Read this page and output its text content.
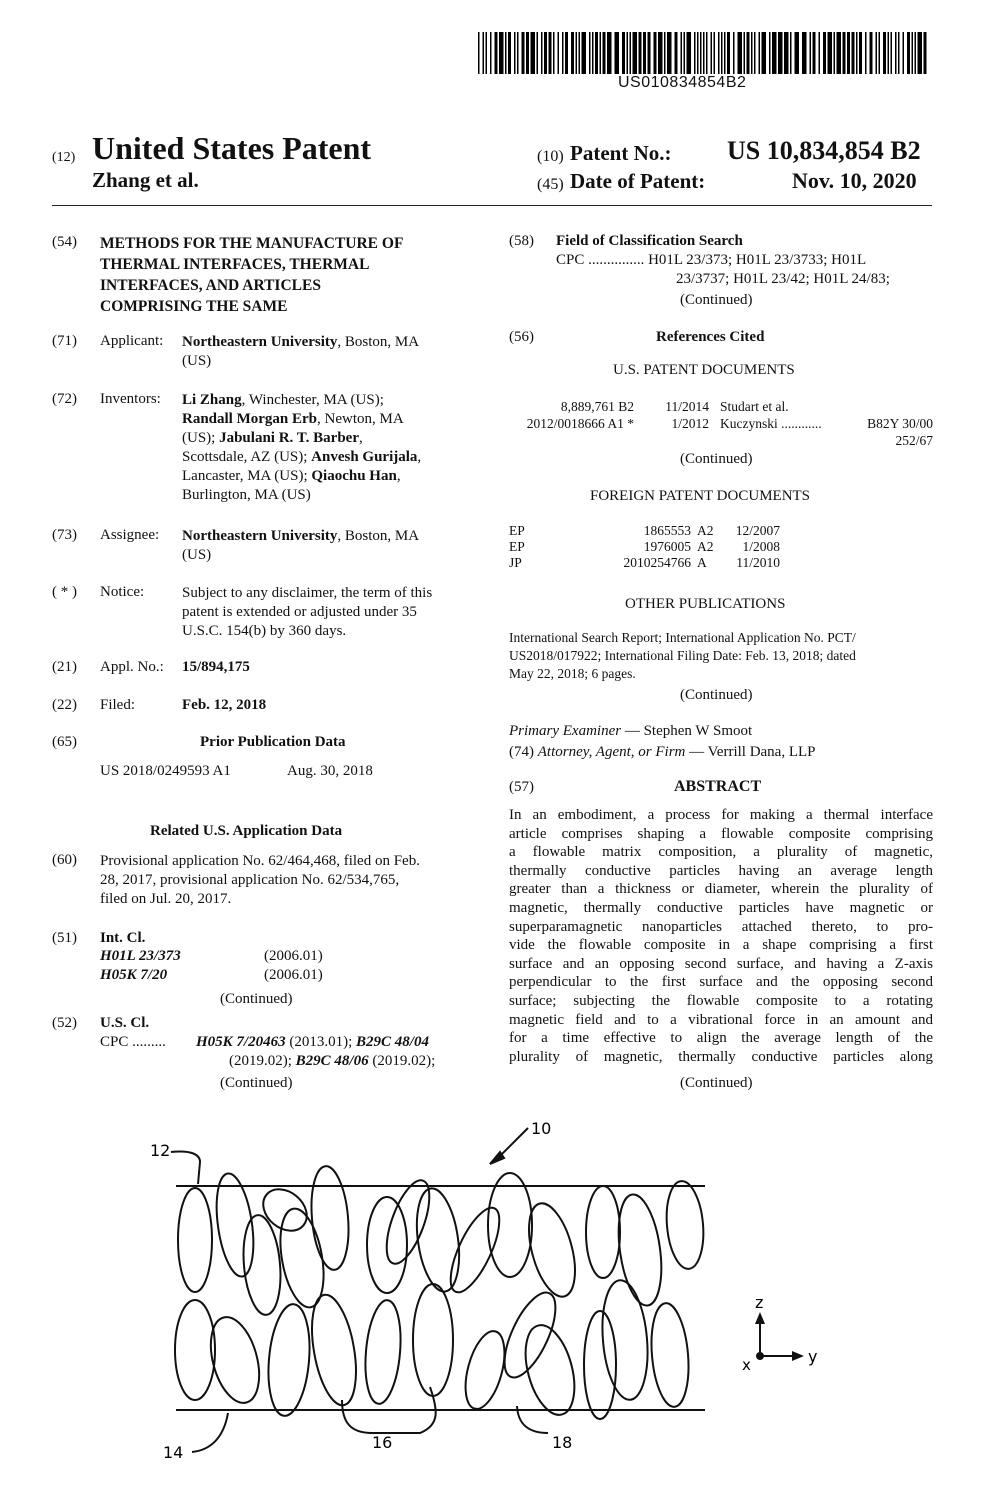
US010834854B2
(12) United States Patent
Zhang et al.
(10) Patent No.: US 10,834,854 B2
(45) Date of Patent:	Nov. 10, 2020
(54) METHODS FOR THE MANUFACTURE OF
THERMAL INTERFACES, THERMAL
INTERFACES, AND ARTICLES
COMPRISING THE SAME
(71) Applicant: Northeastern University, Boston, MA
(US)
(72) Inventors: Li Zhang, Winchester, MA (US);
Randall Morgan Erb, Newton, MA
(US); Jabulani R. T. Barber,
Scottsdale, AZ (US); Anvesh Gurijala,
Lancaster, MA (US); Qiaochu Han,
Burlington, MA (US)
(73) Assignee: Northeastern University, Boston, MA
(US)
( * ) Notice:	Subject to any disclaimer, the term of this
patent is extended or adjusted under 35
U.S.C. 154(b) by 360 days.
(21) Appl. No.: 15/894,175
(22) Filed:	Feb. 12, 2018
(65)	Prior Publication Data
US 2018/0249593 A1	Aug. 30, 2018
Related U.S. Application Data
(60) Provisional application No. 62/464,468, filed on Feb.
28, 2017, provisional application No. 62/534,765,
filed on Jul. 20, 2017.
(51) Int. Cl.
H01L 23/373	(2006.01)
H05K 7/20	(2006.01)
(Continued)
(52) U.S. Cl.
CPC ......... H05K 7/20463 (2013.01); B29C 48/04
(2019.02); B29C 48/06 (2019.02);
(Continued)
(58) Field of Classification Search
CPC ............... H01L 23/373; H01L 23/3733; H01L
23/3737; H01L 23/42; H01L 24/83;
(Continued)
(56)	References Cited
U.S. PATENT DOCUMENTS
8,889,761 B2	11/2014 Studart et al.
2012/0018666 A1 *	1/2012 Kuczynski ............	B82Y 30/00
252/67
(Continued)
FOREIGN PATENT DOCUMENTS
EP	1865553 A2	12/2007
EP	1976005 A2	1/2008
JP	2010254766 A	11/2010
OTHER PUBLICATIONS
International Search Report; International Application No. PCT/
US2018/017922; International Filing Date: Feb. 13, 2018; dated
May 22, 2018; 6 pages.
(Continued)
Primary Examiner — Stephen W Smoot
(74) Attorney, Agent, or Firm — Verrill Dana, LLP
(57)	ABSTRACT
In an embodiment, a process for making a thermal interface
article comprises shaping a flowable composite comprising
a flowable matrix composition, a plurality of magnetic,
thermally conductive particles having an average length
greater than a thickness or diameter, wherein the plurality of
magnetic, thermally conductive particles have magnetic or
superparamagnetic nanoparticles attached thereto, to pro-
vide the flowable composite in a shape comprising a first
surface and an opposing second surface, and having a Z-axis
perpendicular to the first surface and the opposing second
surface; subjecting the flowable composite to a rotating
magnetic field and to a vibrational force in an amount and
for a time effective to align the average length of the
plurality of magnetic, thermally conductive particles along
(Continued)
10
12
14
16	18
z
y
x
